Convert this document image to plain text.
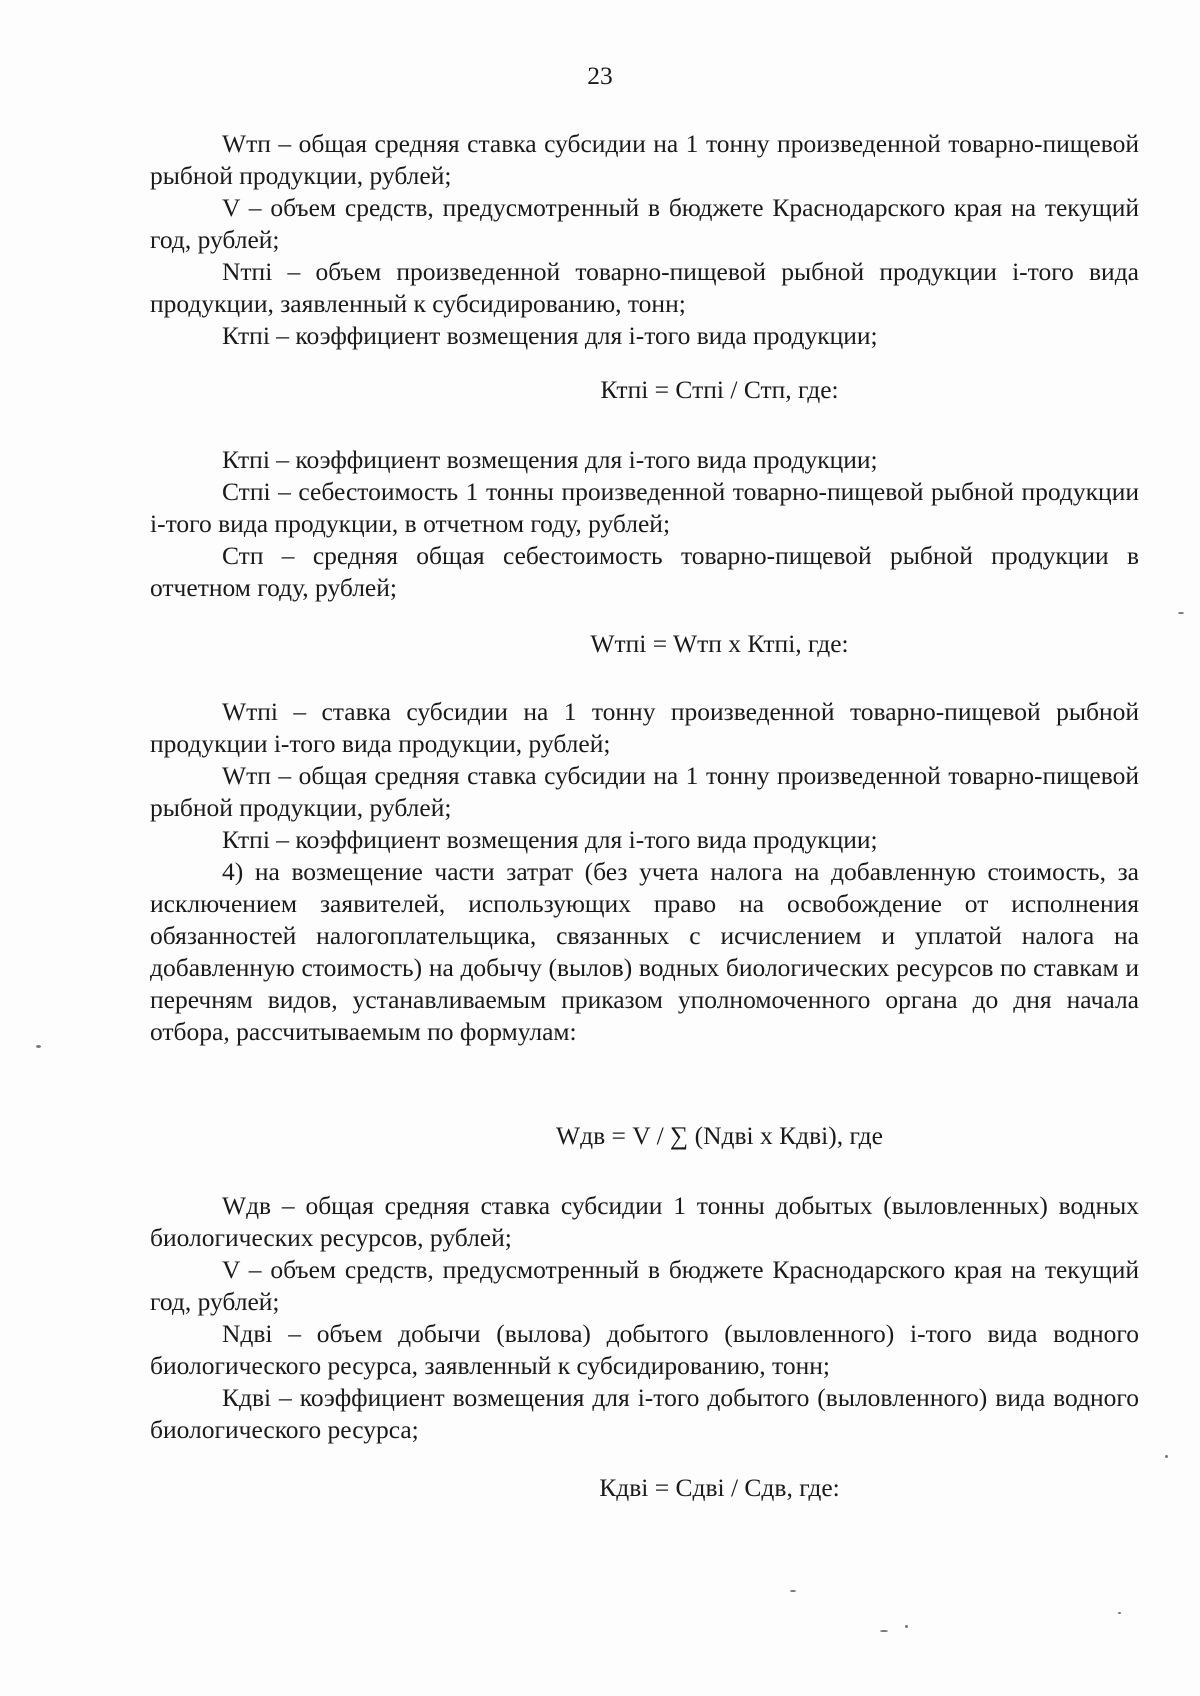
23

Wтп – общая средняя ставка субсидии на 1 тонну произведенной товарно-пищевой рыбной продукции, рублей;

V – объем средств, предусмотренный в бюджете Краснодарского края на текущий год, рублей;

Nтпi – объем произведенной товарно-пищевой рыбной продукции i-того вида продукции, заявленный к субсидированию, тонн;

Ктпi – коэффициент возмещения для i-того вида продукции;

Ктпi = Стпi / Стп, где:

Ктпi – коэффициент возмещения для i-того вида продукции;

Стпi – себестоимость 1 тонны произведенной товарно-пищевой рыбной продукции i-того вида продукции, в отчетном году, рублей;

Стп – средняя общая себестоимость товарно-пищевой рыбной продукции в отчетном году, рублей;

Wтпi = Wтп х Ктпi, где:

Wтпi – ставка субсидии на 1 тонну произведенной товарно-пищевой рыбной продукции i-того вида продукции, рублей;

Wтп – общая средняя ставка субсидии на 1 тонну произведенной товарно-пищевой рыбной продукции, рублей;

Ктпi – коэффициент возмещения для i-того вида продукции;

4) на возмещение части затрат (без учета налога на добавленную стоимость, за исключением заявителей, использующих право на освобождение от исполнения обязанностей налогоплательщика, связанных с исчислением и уплатой налога на добавленную стоимость) на добычу (вылов) водных биологических ресурсов по ставкам и перечням видов, устанавливаемым приказом уполномоченного органа до дня начала отбора, рассчитываемым по формулам:

Wдв = V / ∑ (Nдвi х Кдвi), где

Wдв – общая средняя ставка субсидии 1 тонны добытых (выловленных) водных биологических ресурсов, рублей;

V – объем средств, предусмотренный в бюджете Краснодарского края на текущий год, рублей;

Nдвi – объем добычи (вылова) добытого (выловленного) i-того вида водного биологического ресурса, заявленный к субсидированию, тонн;

Кдвi – коэффициент возмещения для i-того добытого (выловленного) вида водного биологического ресурса;

Кдвi = Сдвi / Сдв, где:
